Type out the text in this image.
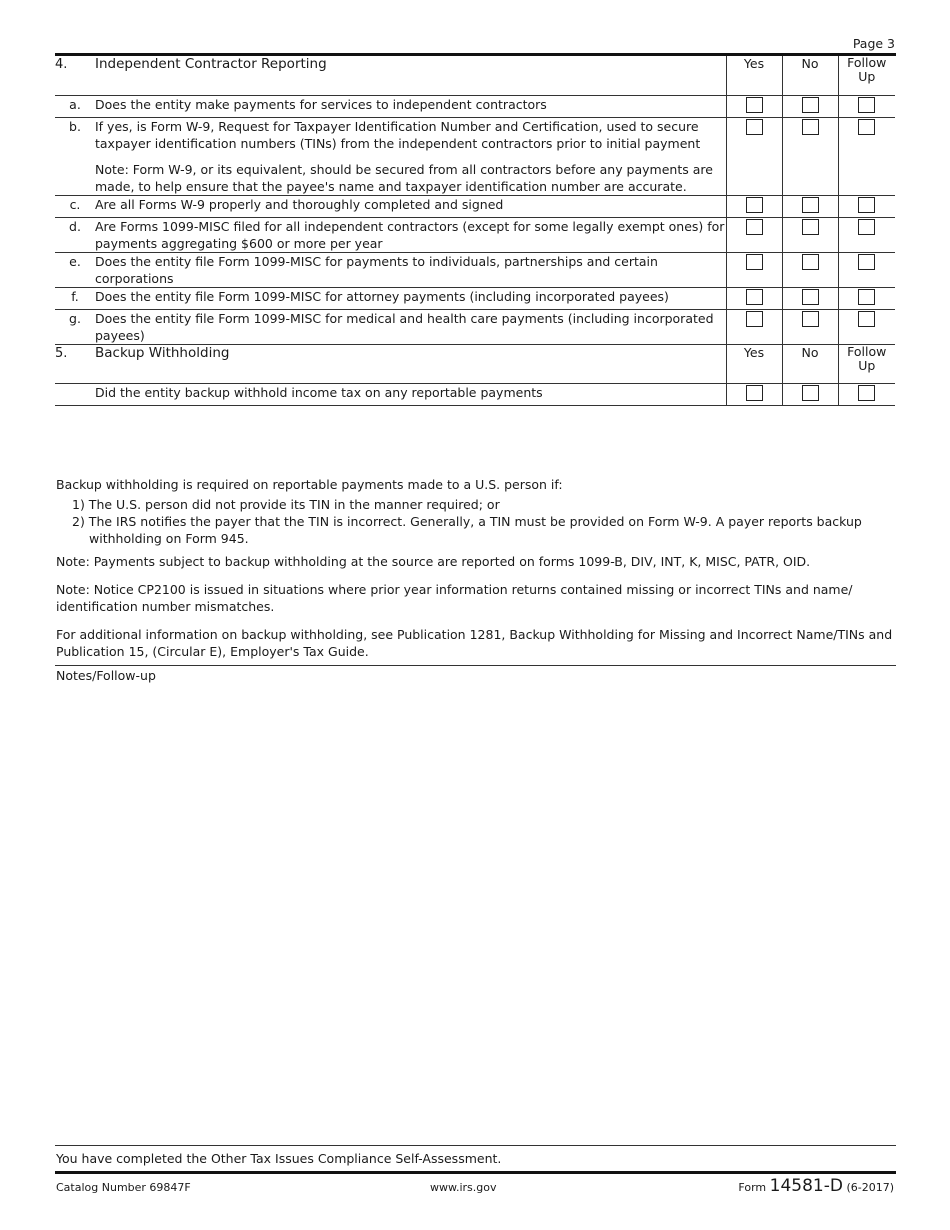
Page 3
4.	Independent Contractor Reporting	Yes	No	Follow
Up

a.	Does the entity make payments for services to independent contractors			
b.	If yes, is Form W-9, Request for Taxpayer Identification Number and Certification, used to secure taxpayer identification numbers (TINs) from the independent contractors prior to initial payment
Note: Form W-9, or its equivalent, should be secured from all contractors before any payments are made, to help ensure that the payee's name and taxpayer identification number are accurate.			

c.	Are all Forms W-9 properly and thoroughly completed and signed			
d.	Are Forms 1099-MISC filed for all independent contractors (except for some legally exempt ones) for payments aggregating $600 or more per year			
e.	Does the entity file Form 1099-MISC for payments to individuals, partnerships and certain corporations			
f.	Does the entity file Form 1099-MISC for attorney payments (including incorporated payees)			
g.	Does the entity file Form 1099-MISC for medical and health care payments (including incorporated payees)			
5.	Backup Withholding	Yes	No	Follow
Up

	Did the entity backup withhold income tax on any reportable payments			
Backup withholding is required on reportable payments made to a U.S. person if:
1) The U.S. person did not provide its TIN in the manner required; or
2) The IRS notifies the payer that the TIN is incorrect. Generally, a TIN must be provided on Form W-9. A payer reports backup withholding on Form 945.
Note: Payments subject to backup withholding at the source are reported on forms 1099-B, DIV, INT, K, MISC, PATR, OID.
Note: Notice CP2100 is issued in situations where prior year information returns contained missing or incorrect TINs and name/ identification number mismatches.
For additional information on backup withholding, see Publication 1281, Backup Withholding for Missing and Incorrect Name/TINs and Publication 15, (Circular E), Employer's Tax Guide.
Notes/Follow-up
You have completed the Other Tax Issues Compliance Self-Assessment.
Catalog Number 69847F	www.irs.gov	Form 14581-D (6-2017)
